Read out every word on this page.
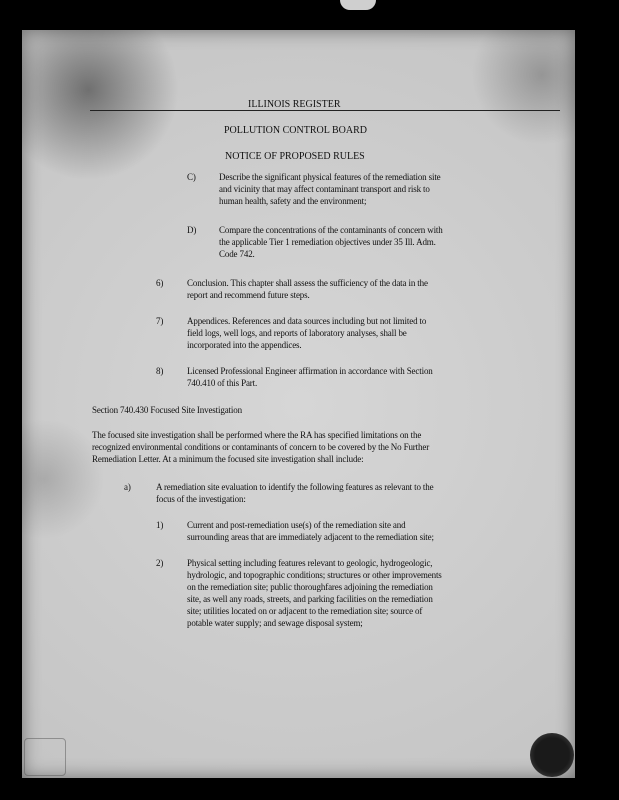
ILLINOIS REGISTER
POLLUTION CONTROL BOARD
NOTICE OF PROPOSED RULES
C)	Describe the significant physical features of the remediation site
and vicinity that may affect contaminant transport and risk to
human health, safety and the environment;
D)	Compare the concentrations of the contaminants of concern with
the applicable Tier 1 remediation objectives under 35 Ill. Adm.
Code 742.
6)	Conclusion. This chapter shall assess the sufficiency of the data in the
report and recommend future steps.
7)	Appendices. References and data sources including but not limited to
field logs, well logs, and reports of laboratory analyses, shall be
incorporated into the appendices.
8)	Licensed Professional Engineer affirmation in accordance with Section
740.410 of this Part.
Section 740.430 Focused Site Investigation
The focused site investigation shall be performed where the RA has specified limitations on the
recognized environmental conditions or contaminants of concern to be covered by the No Further
Remediation Letter. At a minimum the focused site investigation shall include:
a)	A remediation site evaluation to identify the following features as relevant to the
focus of the investigation:
1)	Current and post-remediation use(s) of the remediation site and
surrounding areas that are immediately adjacent to the remediation site;
2)	Physical setting including features relevant to geologic, hydrogeologic,
hydrologic, and topographic conditions; structures or other improvements
on the remediation site; public thoroughfares adjoining the remediation
site, as well any roads, streets, and parking facilities on the remediation
site; utilities located on or adjacent to the remediation site; source of
potable water supply; and sewage disposal system;
